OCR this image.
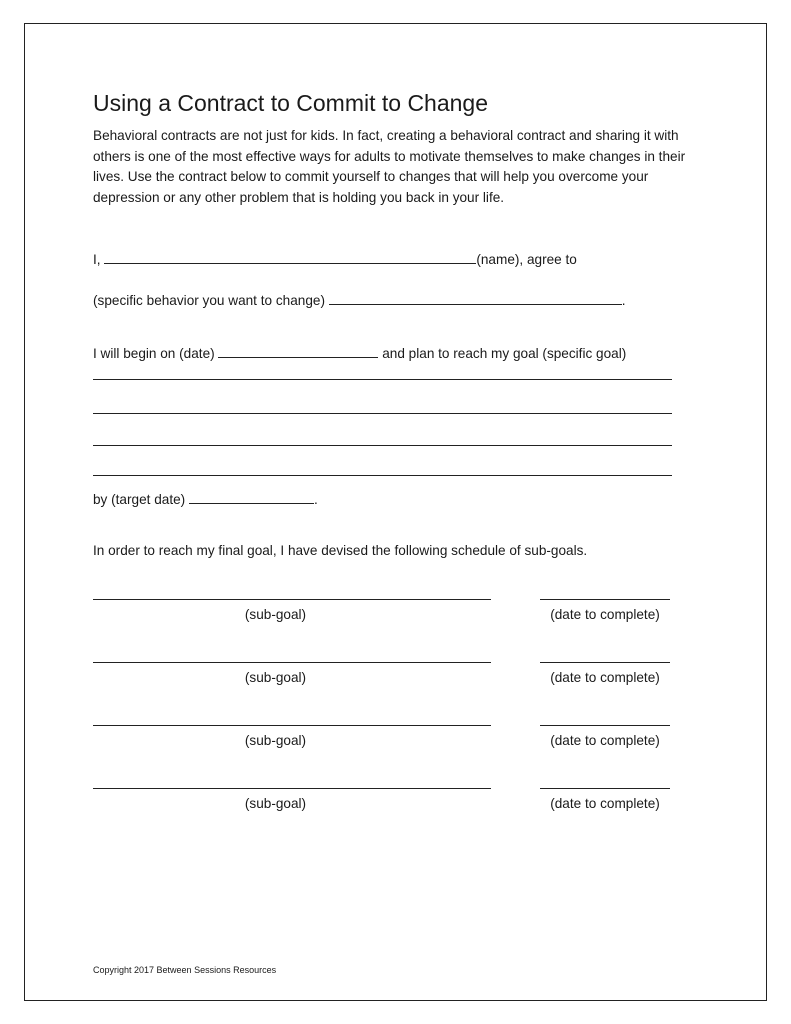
Using a Contract to Commit to Change

Behavioral contracts are not just for kids. In fact, creating a behavioral contract and sharing it with others is one of the most effective ways for adults to motivate themselves to make changes in their lives. Use the contract below to commit yourself to changes that will help you overcome your depression or any other problem that is holding you back in your life.

I,	(name), agree to
(specific behavior you want to change)	.
I will begin on (date)	and plan to reach my goal (specific goal)
by (target date)	.
In order to reach my final goal, I have devised the following schedule of sub-goals.
(sub-goal)	(date to complete)
(sub-goal)	(date to complete)
(sub-goal)	(date to complete)
(sub-goal)	(date to complete)
Copyright 2017 Between Sessions Resources
